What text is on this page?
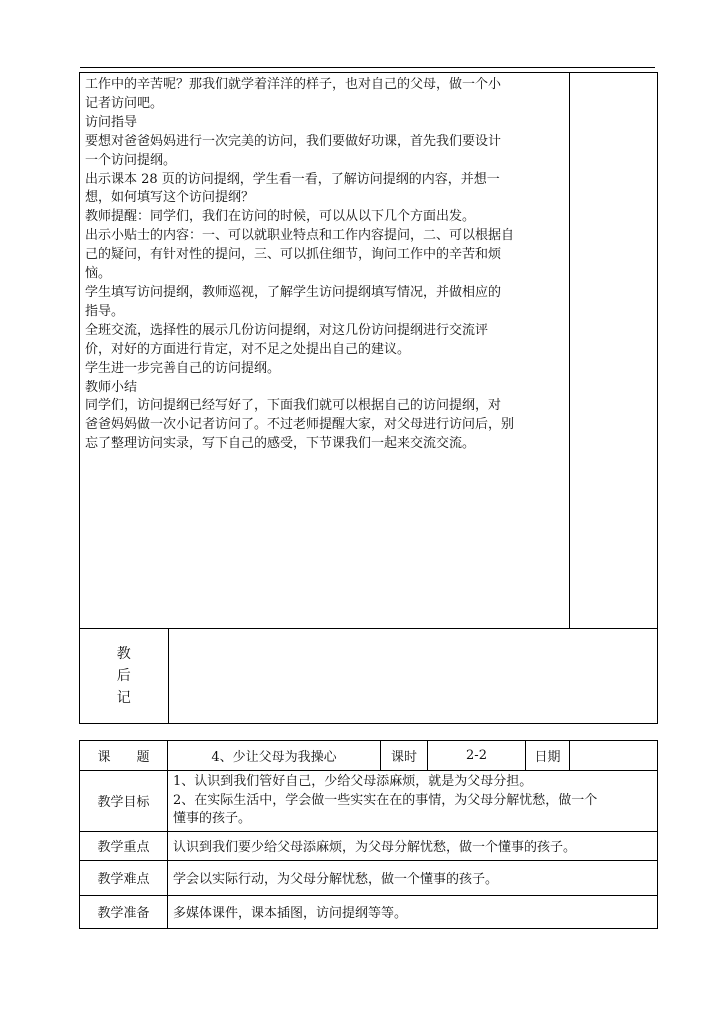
工作中的辛苦呢？那我们就学着洋洋的样子，也对自己的父母，做一个小
记者访问吧。
访问指导
要想对爸爸妈妈进行一次完美的访问，我们要做好功课，首先我们要设计
一个访问提纲。
出示课本 28 页的访问提纲，学生看一看，了解访问提纲的内容，并想一
想，如何填写这个访问提纲？
教师提醒：同学们，我们在访问的时候，可以从以下几个方面出发。
出示小贴士的内容：一、可以就职业特点和工作内容提问，二、可以根据自
己的疑问，有针对性的提问，三、可以抓住细节，询问工作中的辛苦和烦
恼。
学生填写访问提纲，教师巡视，了解学生访问提纲填写情况，并做相应的
指导。
全班交流，选择性的展示几份访问提纲，对这几份访问提纲进行交流评
价，对好的方面进行肯定，对不足之处提出自己的建议。
学生进一步完善自己的访问提纲。
教师小结
同学们，访问提纲已经写好了，下面我们就可以根据自己的访问提纲，对
爸爸妈妈做一次小记者访问了。不过老师提醒大家，对父母进行访问后，别
忘了整理访问实录，写下自己的感受，下节课我们一起来交流交流。

教
后
记

课　　题	4、少让父母为我操心	课时	2-2	日期	
教学目标	1、认识到我们管好自己，少给父母添麻烦，就是为父母分担。
2、在实际生活中，学会做一些实实在在的事情，为父母分解忧愁，做一个
懂事的孩子。				

教学重点	认识到我们要少给父母添麻烦，为父母分解忧愁，做一个懂事的孩子。				
教学难点	学会以实际行动，为父母分解忧愁，做一个懂事的孩子。				
教学准备	多媒体课件，课本插图，访问提纲等等。				
